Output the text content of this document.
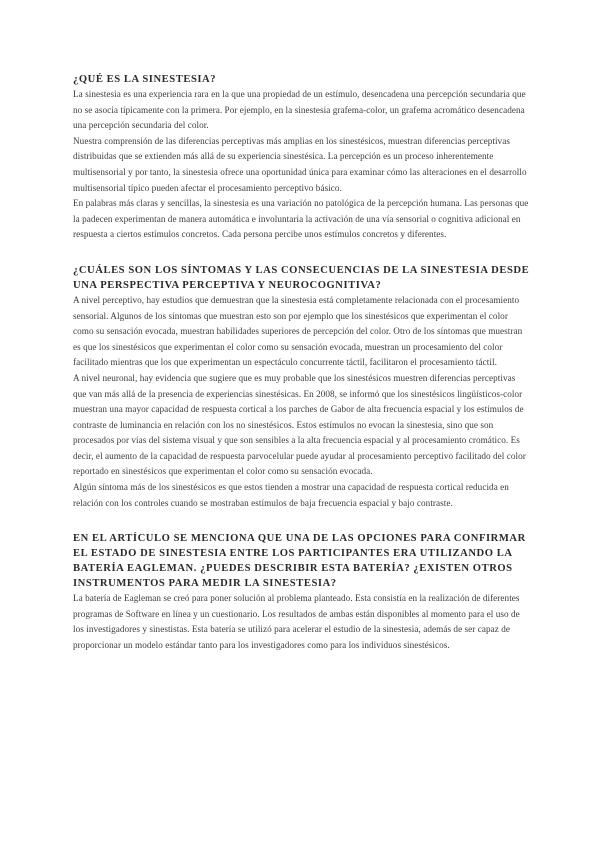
¿QUÉ ES LA SINESTESIA?

La sinestesia es una experiencia rara en la que una propiedad de un estímulo, desencadena una percepción secundaria que no se asocia típicamente con la primera. Por ejemplo, en la sinestesia grafema-color, un grafema acromático desencadena una percepción secundaria del color.

Nuestra comprensión de las diferencias perceptivas más amplias en los sinestésicos, muestran diferencias perceptivas distribuidas que se extienden más allá de su experiencia sinestésica. La percepción es un proceso inherentemente multisensorial y por tanto, la sinestesia ofrece una oportunidad única para examinar cómo las alteraciones en el desarrollo multisensorial típico pueden afectar el procesamiento perceptivo básico.

En palabras más claras y sencillas, la sinestesia es una variación no patológica de la percepción humana. Las personas que la padecen experimentan de manera automática e involuntaria la activación de una vía sensorial o cognitiva adicional en respuesta a ciertos estímulos concretos. Cada persona percibe unos estímulos concretos y diferentes.

¿CUÁLES SON LOS SÍNTOMAS Y LAS CONSECUENCIAS DE LA SINESTESIA DESDE UNA PERSPECTIVA PERCEPTIVA Y NEUROCOGNITIVA?

A nivel perceptivo, hay estudios que demuestran que la sinestesia está completamente relacionada con el procesamiento sensorial. Algunos de los síntomas que muestran esto son por ejemplo que los sinestésicos que experimentan el color como su sensación evocada, muestran habilidades superiores de percepción del color. Otro de los síntomas que muestran es que los sinestésicos que experimentan el color como su sensación evocada, muestran un procesamiento del color facilitado mientras que los que experimentan un espectáculo concurrente táctil, facilitaron el procesamiento táctil.

A nivel neuronal, hay evidencia que sugiere que es muy probable que los sinestésicos muestren diferencias perceptivas que van más allá de la presencia de experiencias sinestésicas. En 2008, se informó que los sinestésicos lingüísticos-color muestran una mayor capacidad de respuesta cortical a los parches de Gabor de alta frecuencia espacial y los estímulos de contraste de luminancia en relación con los no sinestésicos. Estos estímulos no evocan la sinestesia, sino que son procesados por vías del sistema visual y que son sensibles a la alta frecuencia espacial y al procesamiento cromático. Es decir, el aumento de la capacidad de respuesta parvocelular puede ayudar al procesamiento perceptivo facilitado del color reportado en sinestésicos que experimentan el color como su sensación evocada.

Algún síntoma más de los sinestésicos es que estos tienden a mostrar una capacidad de respuesta cortical reducida en relación con los controles cuando se mostraban estímulos de baja frecuencia espacial y bajo contraste.

EN EL ARTÍCULO SE MENCIONA QUE UNA DE LAS OPCIONES PARA CONFIRMAR EL ESTADO DE SINESTESIA ENTRE LOS PARTICIPANTES ERA UTILIZANDO LA BATERÍA EAGLEMAN. ¿PUEDES DESCRIBIR ESTA BATERÍA? ¿EXISTEN OTROS INSTRUMENTOS PARA MEDIR LA SINESTESIA?

La batería de Eagleman se creó para poner solución al problema planteado. Esta consistía en la realización de diferentes programas de Software en línea y un cuestionario. Los resultados de ambas están disponibles al momento para el uso de los investigadores y sinestistas. Esta batería se utilizó para acelerar el estudio de la sinestesia, además de ser capaz de proporcionar un modelo estándar tanto para los investigadores como para los individuos sinestésicos.
